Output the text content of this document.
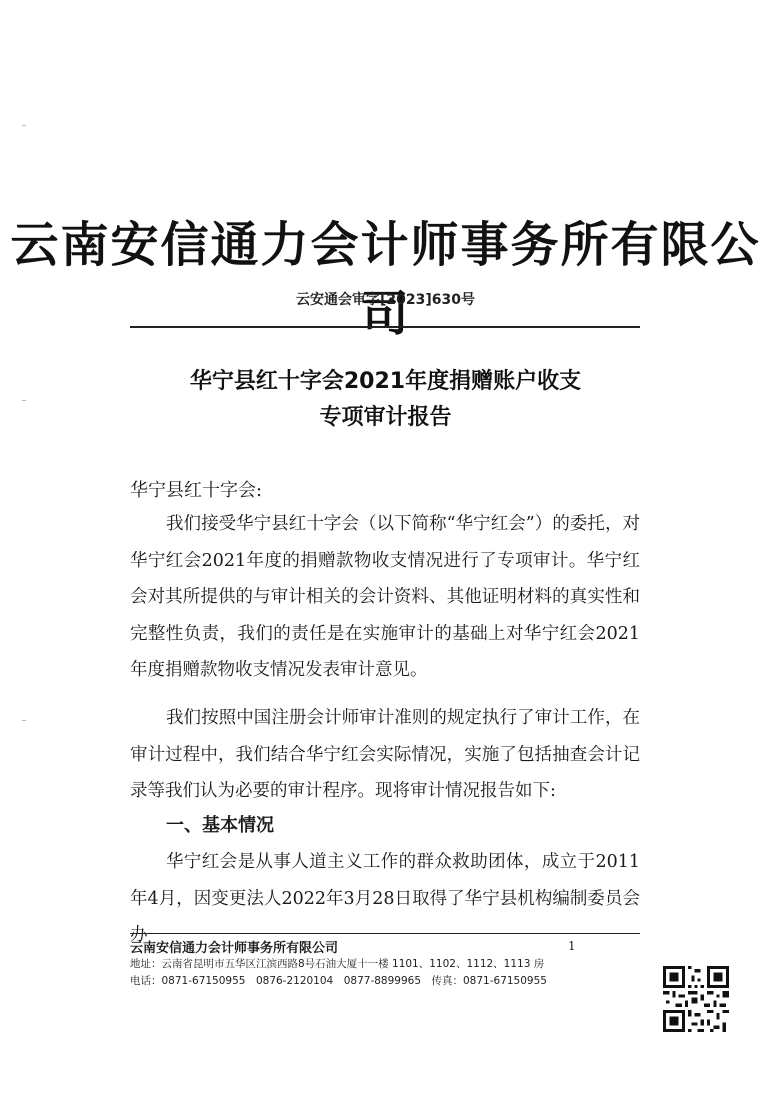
云南安信通力会计师事务所有限公司
云安通会审字[2023]630号
华宁县红十字会2021年度捐赠账户收支
专项审计报告
华宁县红十字会:

我们接受华宁县红十字会（以下简称“华宁红会”）的委托，对华宁红会2021年度的捐赠款物收支情况进行了专项审计。华宁红会对其所提供的与审计相关的会计资料、其他证明材料的真实性和完整性负责，我们的责任是在实施审计的基础上对华宁红会2021年度捐赠款物收支情况发表审计意见。

我们按照中国注册会计师审计准则的规定执行了审计工作，在审计过程中，我们结合华宁红会实际情况，实施了包括抽查会计记录等我们认为必要的审计程序。现将审计情况报告如下:

一、基本情况

华宁红会是从事人道主义工作的群众救助团体，成立于2011年4月，因变更法人2022年3月28日取得了华宁县机构编制委员会办

云南安信通力会计师事务所有限公司	1
地址：云南省昆明市五华区江滨西路8号石油大厦十一楼 1101、1102、1112、1113 房
电话：0871-67150955　0876-2120104　0877-8899965　传真：0871-67150955
